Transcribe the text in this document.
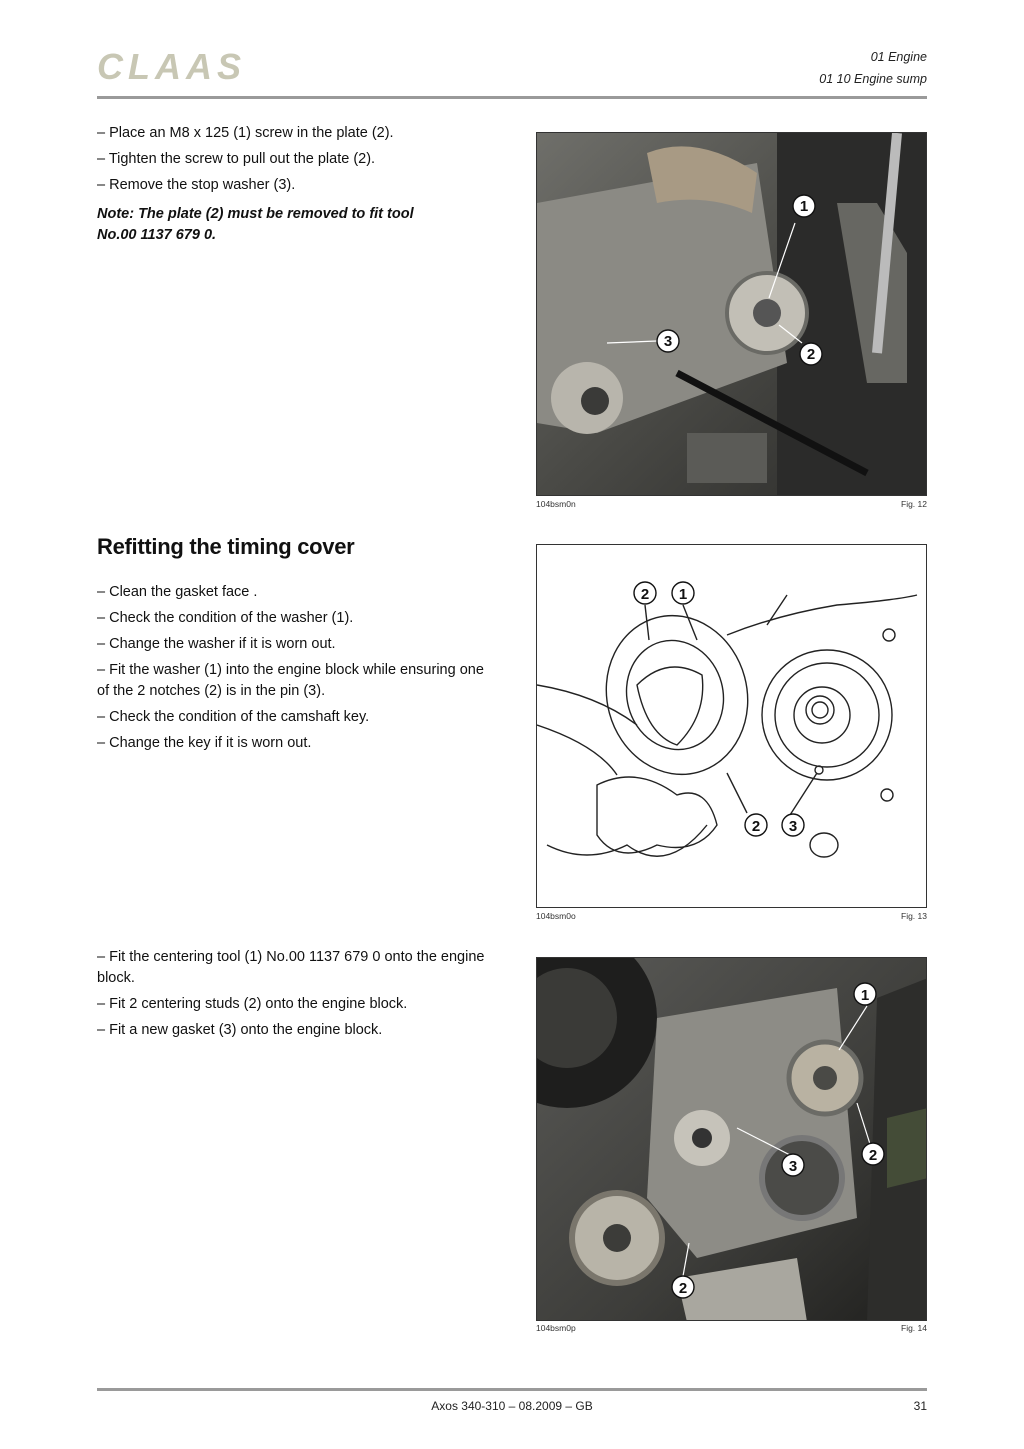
CLAAS	01 Engine
01 10 Engine sump

– Place an M8 x 125 (1) screw in the plate (2).

– Tighten the screw to pull out the plate (2).

– Remove the stop washer (3).

Note: The plate (2) must be removed to fit tool
No.00 1137 679 0.

1
2
3
104bsm0n	Fig. 12
Refitting the timing cover

– Clean the gasket face .

– Check the condition of the washer (1).

– Change the washer if it is worn out.

– Fit the washer (1) into the engine block while ensuring one of the 2 notches (2) is in the pin (3).

– Check the condition of the camshaft key.

– Change the key if it is worn out.

2 1
2 3
104bsm0o	Fig. 13

– Fit the centering tool (1) No.00 1137 679 0 onto the engine block.

– Fit 2 centering studs (2) onto the engine block.

– Fit a new gasket (3) onto the engine block.

1
2
3
2
104bsm0p	Fig. 14
Axos 340-310 – 08.2009 – GB	31
